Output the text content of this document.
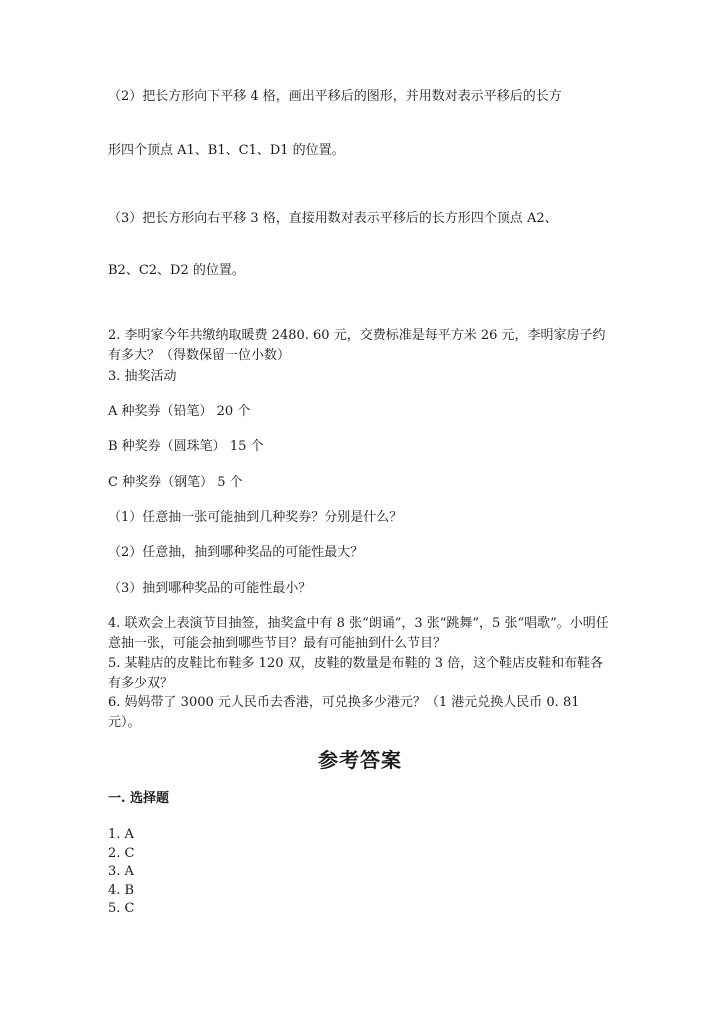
（2）把长方形向下平移 4 格，画出平移后的图形，并用数对表示平移后的长方
形四个顶点 A1、B1、C1、D1 的位置。
（3）把长方形向右平移 3 格，直接用数对表示平移后的长方形四个顶点 A2、
B2、C2、D2 的位置。
2. 李明家今年共缴纳取暖费 2480. 60 元，交费标准是每平方米 26 元，李明家房子约有多大？（得数保留一位小数）
3. 抽奖活动
A 种奖券（铅笔） 20 个
B 种奖券（圆珠笔） 15 个
C 种奖券（钢笔） 5 个
（1）任意抽一张可能抽到几种奖券？分别是什么？
（2）任意抽，抽到哪种奖品的可能性最大？
（3）抽到哪种奖品的可能性最小？
4. 联欢会上表演节目抽签，抽奖盒中有 8 张“朗诵”，3 张“跳舞”，5 张“唱歌”。小明任意抽一张，可能会抽到哪些节目？最有可能抽到什么节目？
5. 某鞋店的皮鞋比布鞋多 120 双，皮鞋的数量是布鞋的 3 倍，这个鞋店皮鞋和布鞋各有多少双？
6. 妈妈带了 3000 元人民币去香港，可兑换多少港元？（1 港元兑换人民币 0. 81 元）。
参考答案
一. 选择题
1. A
2. C
3. A
4. B
5. C
